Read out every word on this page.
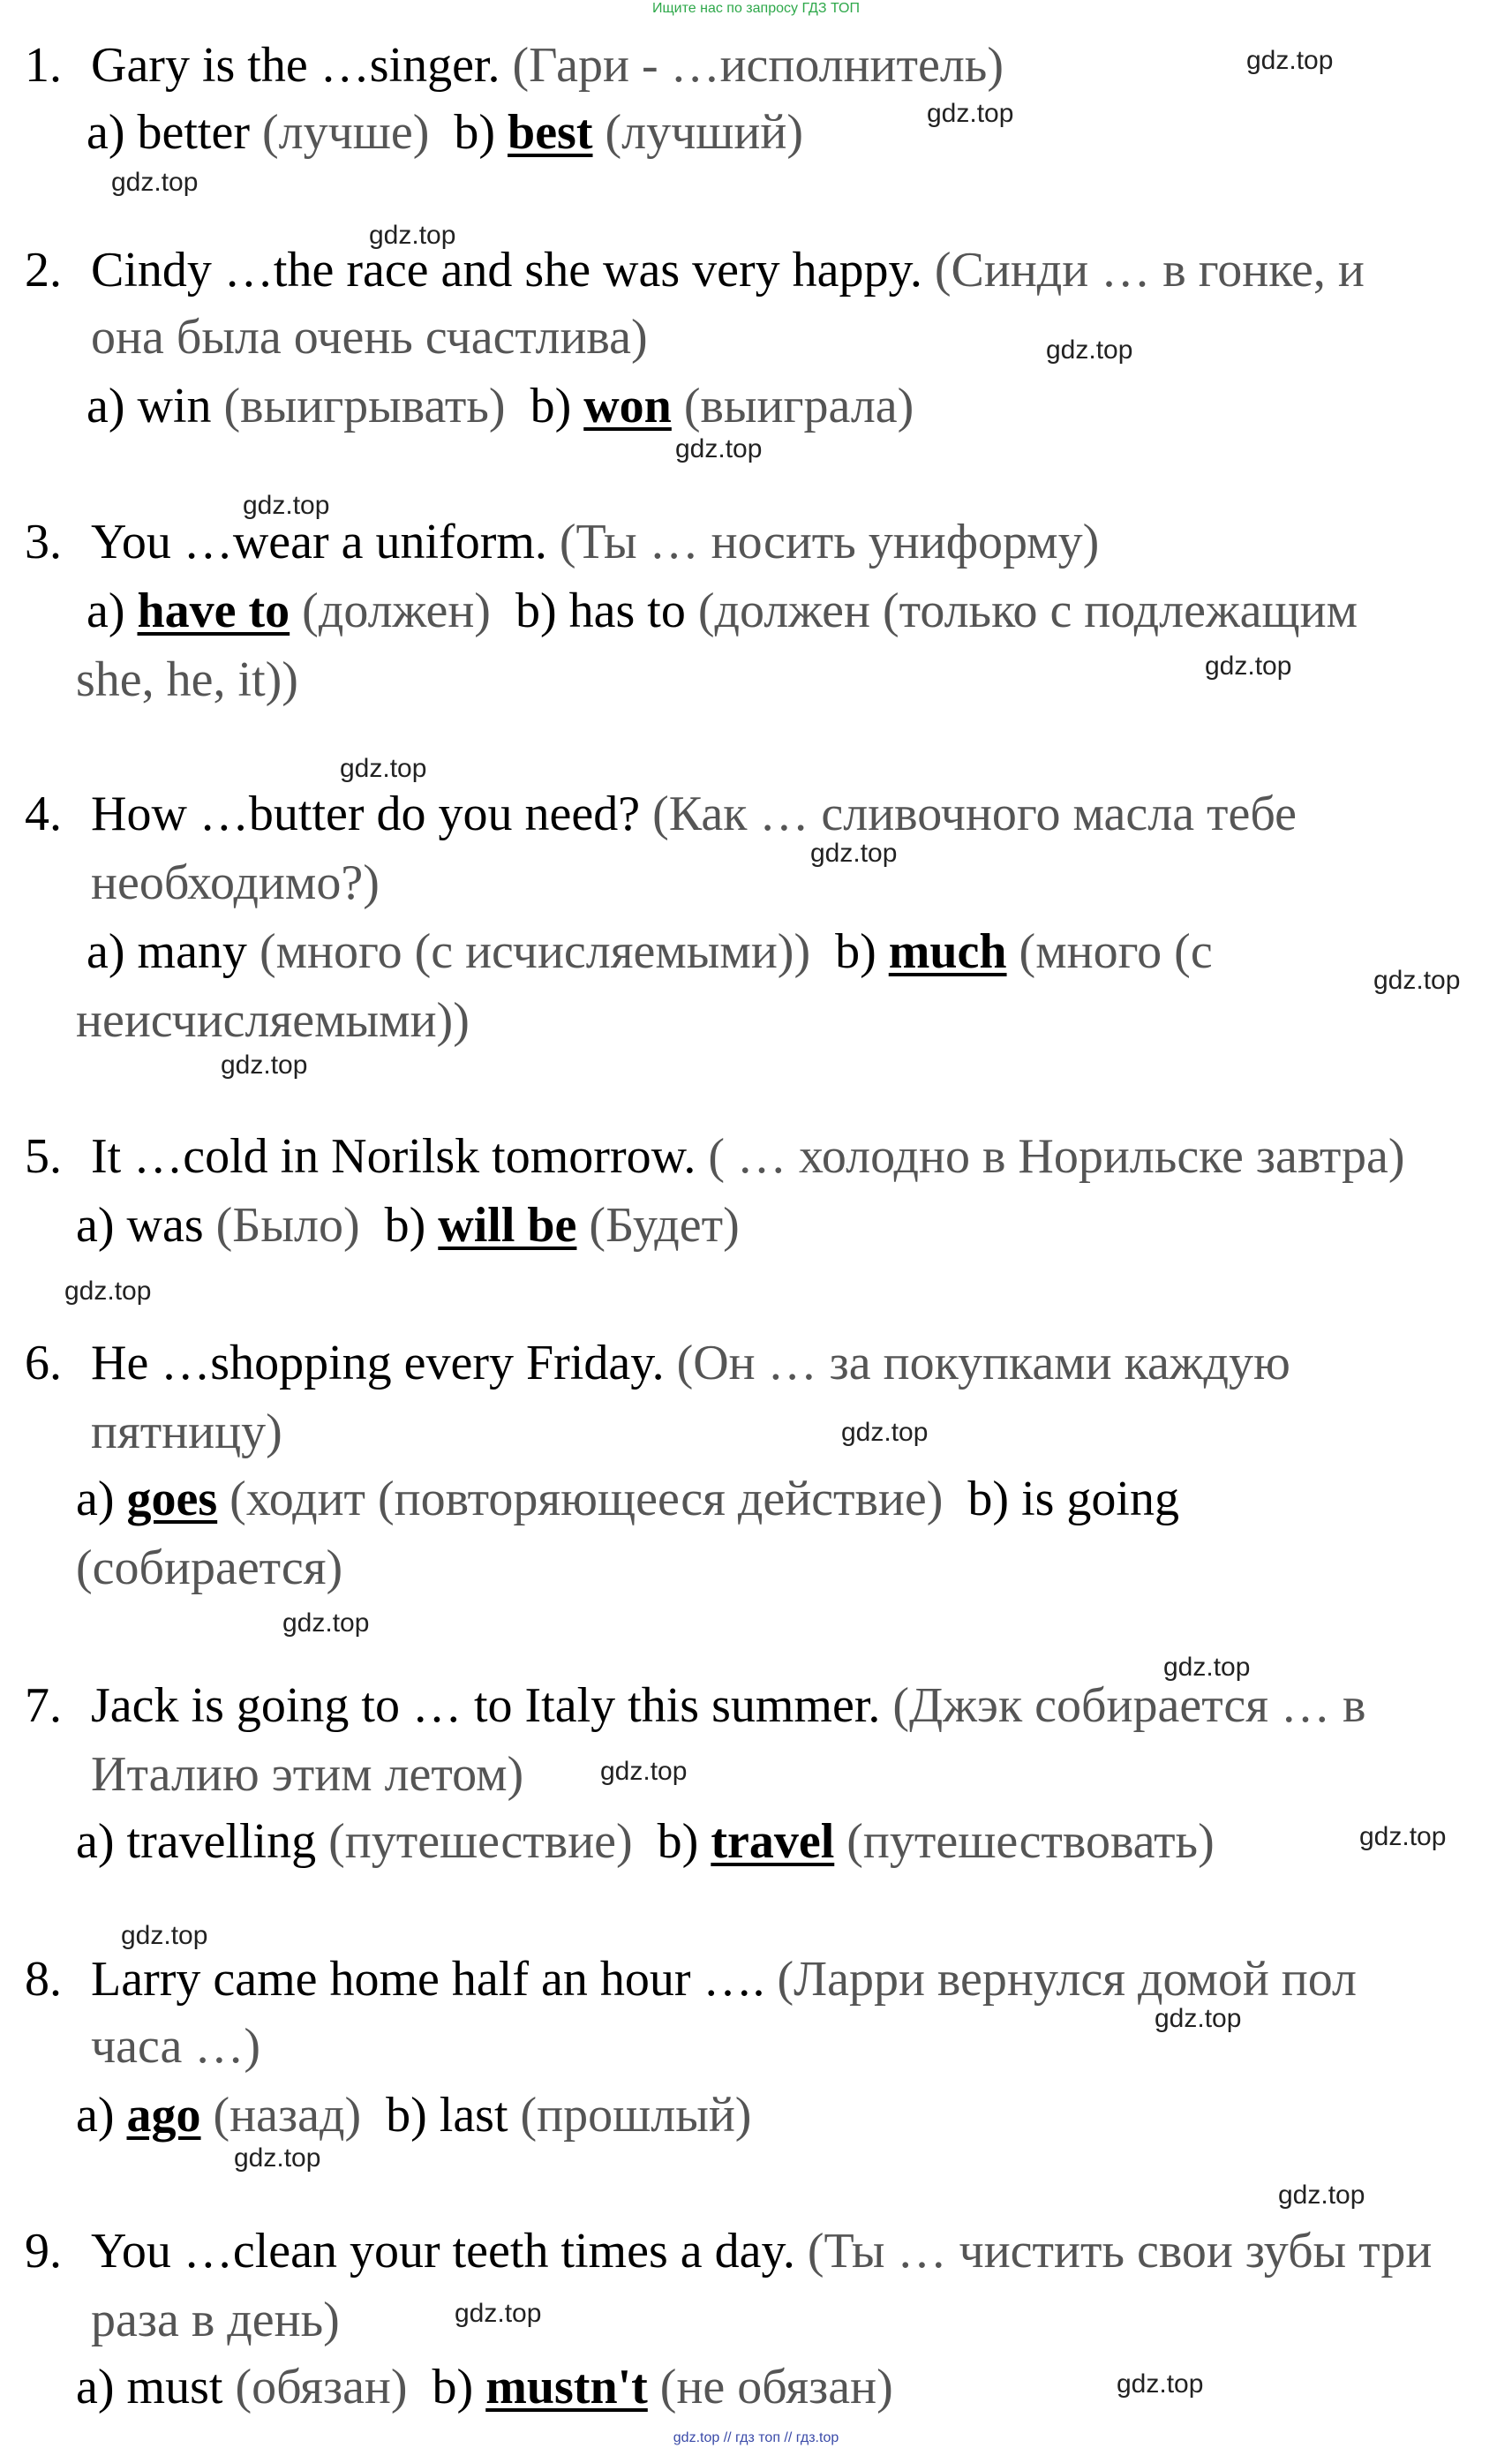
Ищите нас по запросу ГДЗ ТОП
1. Gary is the …singer. (Гари - …исполнитель)
a) better (лучше) b) best (лучший)
2. Cindy …the race and she was very happy. (Синди … в гонке, и
она была очень счастлива)
a) win (выигрывать) b) won (выиграла)
3. You …wear a uniform. (Ты … носить униформу)
a) have to (должен) b) has to (должен (только с подлежащим
she, he, it))
4. How …butter do you need? (Как … сливочного масла тебе
необходимо?)
a) many (много (с исчисляемыми)) b) much (много (с
неисчисляемыми))
5. It …cold in Norilsk tomorrow. ( … холодно в Норильске завтра)
a) was (Было) b) will be (Будет)
6. He …shopping every Friday. (Он … за покупками каждую
пятницу)
a) goes (ходит (повторяющееся действие) b) is going
(собирается)
7. Jack is going to … to Italy this summer. (Джэк собирается … в
Италию этим летом)
a) travelling (путешествие) b) travel (путешествовать)
8. Larry came home half an hour …. (Ларри вернулся домой пол
часа …)
a) ago (назад) b) last (прошлый)
9. You …clean your teeth times a day. (Ты … чистить свои зубы три
раза в день)
a) must (обязан) b) mustn't (не обязан)
gdz.top
gdz.top
gdz.top
gdz.top
gdz.top
gdz.top
gdz.top
gdz.top
gdz.top
gdz.top
gdz.top
gdz.top
gdz.top
gdz.top
gdz.top
gdz.top
gdz.top
gdz.top
gdz.top
gdz.top
gdz.top
gdz.top
gdz.top
gdz.top
gdz.top // гдз топ // гдз.top
